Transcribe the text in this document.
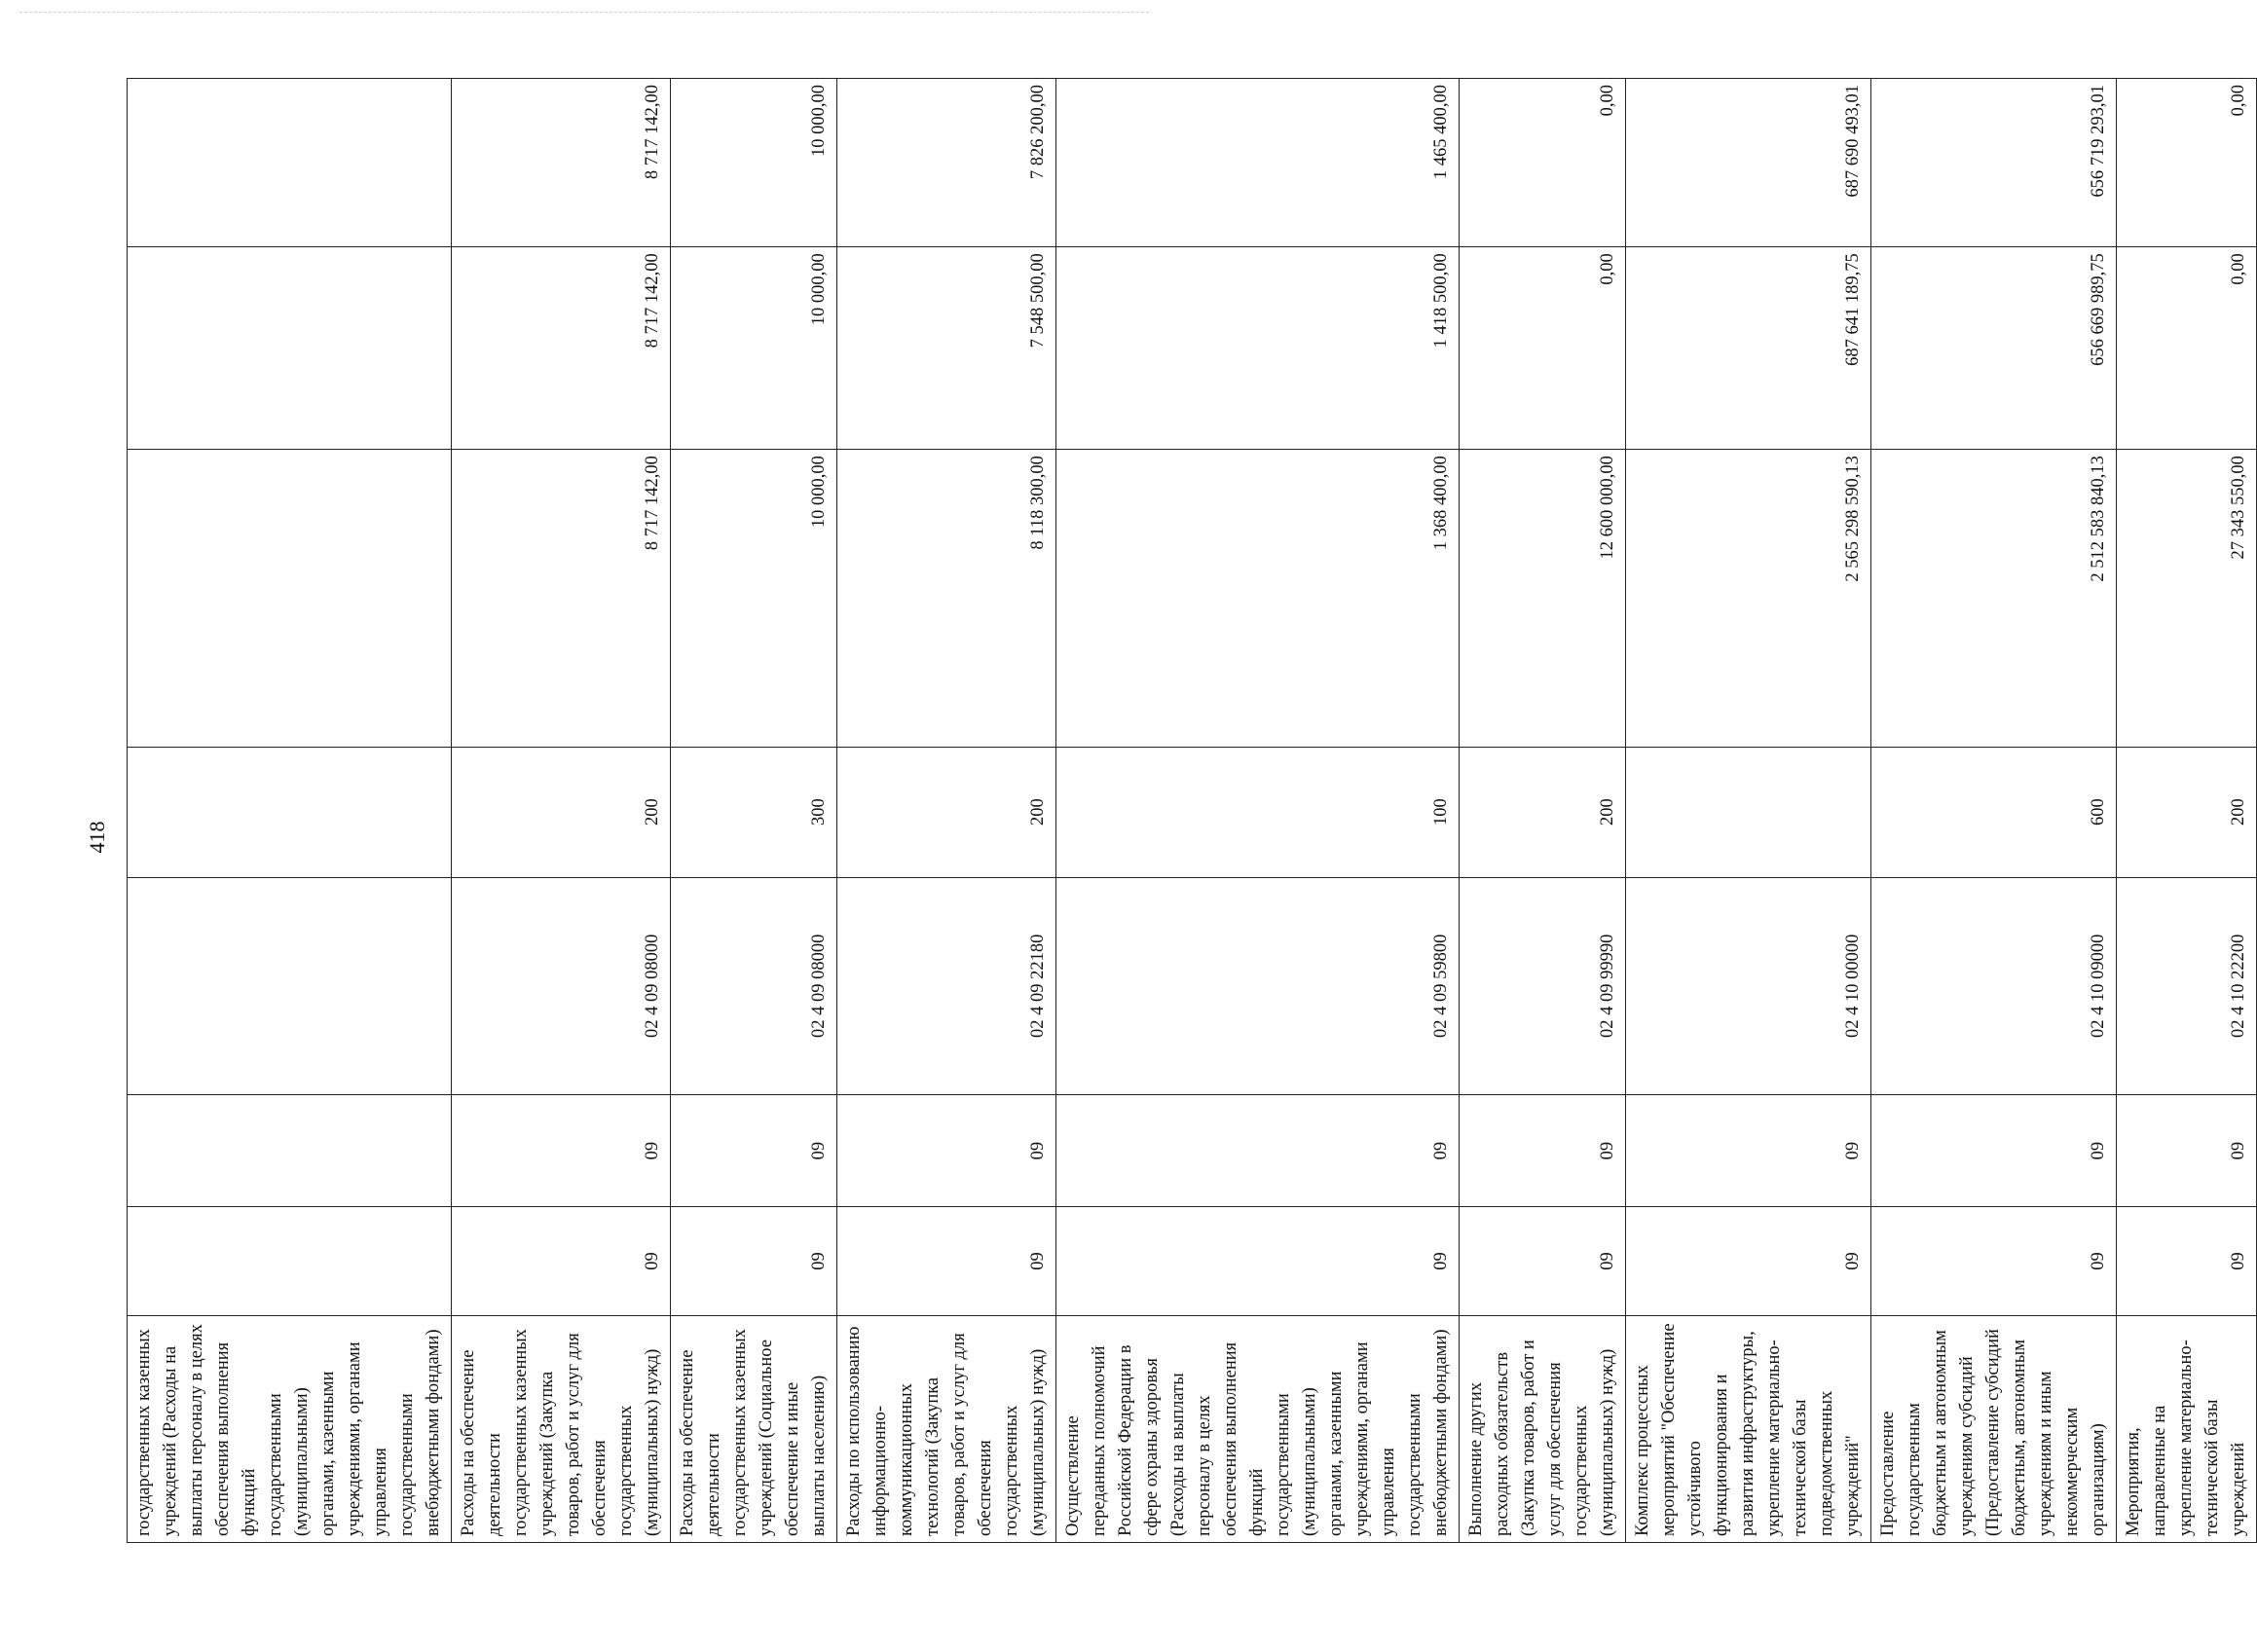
418
государственных казенных учреждений (Расходы на выплаты персоналу в целях обеспечения выполнения функций государственными (муниципальными) органами, казенными учреждениями, органами управления государственными внебюджетными фондами)							
Расходы на обеспечение деятельности государственных казенных учреждений (Закупка товаров, работ и услуг для обеспечения государственных (муниципальных) нужд)	09	09	02 4 09 08000	200	8 717 142,00	8 717 142,00	8 717 142,00
Расходы на обеспечение деятельности государственных казенных учреждений (Социальное обеспечение и иные выплаты населению)	09	09	02 4 09 08000	300	10 000,00	10 000,00	10 000,00
Расходы по использованию информационно-коммуникационных технологий (Закупка товаров, работ и услуг для обеспечения государственных (муниципальных) нужд)	09	09	02 4 09 22180	200	8 118 300,00	7 548 500,00	7 826 200,00
Осуществление переданных полномочий Российской Федерации в сфере охраны здоровья (Расходы на выплаты персоналу в целях обеспечения выполнения функций государственными (муниципальными) органами, казенными учреждениями, органами управления государственными внебюджетными фондами)	09	09	02 4 09 59800	100	1 368 400,00	1 418 500,00	1 465 400,00
Выполнение других расходных обязательств (Закупка товаров, работ и услуг для обеспечения государственных (муниципальных) нужд)	09	09	02 4 09 99990	200	12 600 000,00	0,00	0,00
Комплекс процессных мероприятий "Обеспечение устойчивого функционирования и развития инфраструктуры, укрепление материально-технической базы подведомственных учреждений"	09	09	02 4 10 00000		2 565 298 590,13	687 641 189,75	687 690 493,01
Предоставление государственным бюджетным и автономным учреждениям субсидий (Предоставление субсидий бюджетным, автономным учреждениям и иным некоммерческим организациям)	09	09	02 4 10 09000	600	2 512 583 840,13	656 669 989,75	656 719 293,01
Мероприятия, направленные на укрепление материально-технической базы учреждений	09	09	02 4 10 22200	200	27 343 550,00	0,00	0,00
